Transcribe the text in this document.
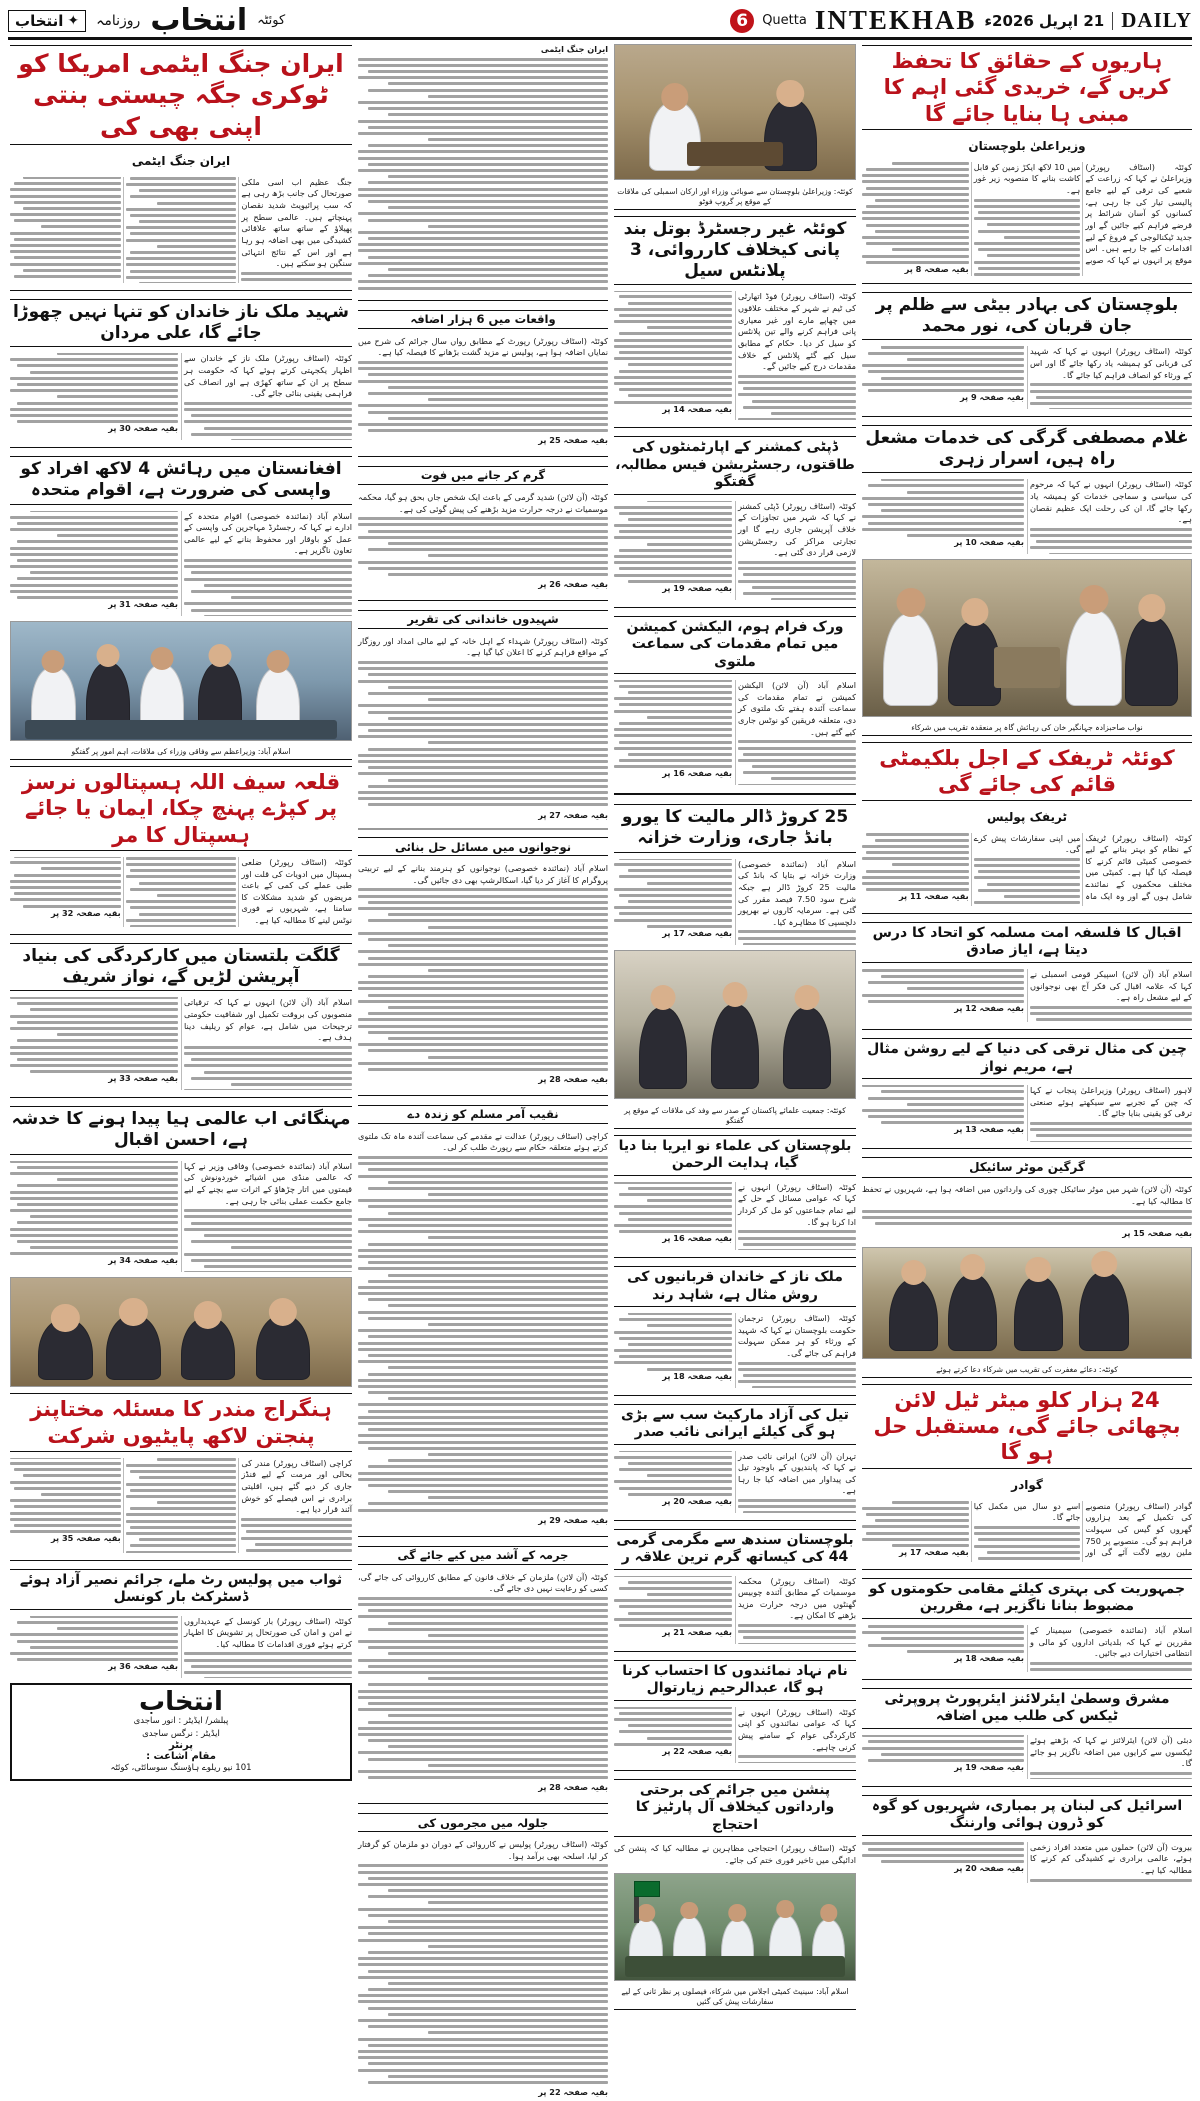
DAILY
21 اپریل 2026ء
INTEKHAB
Quetta
6
کوئٹہ
انتخاب
روزنامہ
✦
انتخاب
ہاریوں کے حقائق کا تحفظ کریں گے، خریدی گئی اہم کا مبنی ہا بنایا جائے گا
وزیراعلیٰ بلوچستان

کوئٹہ (اسٹاف رپورٹر) وزیراعلیٰ نے کہا کہ زراعت کے شعبے کی ترقی کے لیے جامع پالیسی تیار کی جا رہی ہے، کسانوں کو آسان شرائط پر قرضے فراہم کیے جائیں گے اور جدید ٹیکنالوجی کے فروغ کے لیے اقدامات کیے جا رہے ہیں۔ اس موقع پر انہوں نے کہا کہ صوبے میں 10 لاکھ ایکڑ زمین کو قابل کاشت بنانے کا منصوبہ زیر غور ہے۔

بقیہ صفحہ 8 پر

بلوچستان کی بہادر بیٹی سے ظلم پر جان قربان کی، نور محمد

کوئٹہ (اسٹاف رپورٹر) انہوں نے کہا کہ شہید کی قربانی کو ہمیشہ یاد رکھا جائے گا اور اس کے ورثاء کو انصاف فراہم کیا جائے گا۔

بقیہ صفحہ 9 پر

غلام مصطفی گرگی کی خدمات مشعل راہ ہیں، اسرار زہری

کوئٹہ (اسٹاف رپورٹر) انہوں نے کہا کہ مرحوم کی سیاسی و سماجی خدمات کو ہمیشہ یاد رکھا جائے گا، ان کی رحلت ایک عظیم نقصان ہے۔

بقیہ صفحہ 10 پر

نواب صاحبزادہ جہانگیر خان کی رہائش گاہ پر منعقدہ تقریب میں شرکاء
کوئٹہ ٹریفک کے اجل بلکیمٹی قائم کی جائے گی
ٹریفک پولیس

کوئٹہ (اسٹاف رپورٹر) ٹریفک کے نظام کو بہتر بنانے کے لیے خصوصی کمیٹی قائم کرنے کا فیصلہ کیا گیا ہے۔ کمیٹی میں مختلف محکموں کے نمائندے شامل ہوں گے اور وہ ایک ماہ میں اپنی سفارشات پیش کرے گی۔

بقیہ صفحہ 11 پر

اقبال کا فلسفہ امت مسلمہ کو اتحاد کا درس دیتا ہے، ایاز صادق

اسلام آباد (آن لائن) اسپیکر قومی اسمبلی نے کہا کہ علامہ اقبال کی فکر آج بھی نوجوانوں کے لیے مشعل راہ ہے۔

بقیہ صفحہ 12 پر

چین کی مثال ترقی کی دنیا کے لیے روشن مثال ہے، مریم نواز

لاہور (اسٹاف رپورٹر) وزیراعلیٰ پنجاب نے کہا کہ چین کے تجربے سے سیکھتے ہوئے صنعتی ترقی کو یقینی بنایا جائے گا۔

بقیہ صفحہ 13 پر

گرگین موٹر سائیکل

کوئٹہ (آن لائن) شہر میں موٹر سائیکل چوری کی وارداتوں میں اضافہ ہوا ہے، شہریوں نے تحفظ کا مطالبہ کیا ہے۔

بقیہ صفحہ 15 پر

کوئٹہ: دعائے مغفرت کی تقریب میں شرکاء دعا کرتے ہوئے
24 ہزار کلو میٹر ٹیل لائن بچھائی جائے گی، مستقبل حل ہو گا
گوادر

گوادر (اسٹاف رپورٹر) منصوبے کی تکمیل کے بعد ہزاروں گھروں کو گیس کی سہولت فراہم ہو گی۔ منصوبے پر 750 ملین روپے لاگت آئے گی اور اسے دو سال میں مکمل کیا جائے گا۔

بقیہ صفحہ 17 پر

جمہوریت کی بہتری کیلئے مقامی حکومتوں کو مضبوط بنانا ناگزیر ہے، مقررین

اسلام آباد (نمائندہ خصوصی) سیمینار کے مقررین نے کہا کہ بلدیاتی اداروں کو مالی و انتظامی اختیارات دیے جائیں۔

بقیہ صفحہ 18 پر

مشرق وسطیٰ ایئرلائنز ایئرپورٹ پروپرٹی ٹیکس کی طلب میں اضافہ

دبئی (آن لائن) ایئرلائنز نے کہا کہ بڑھتے ہوئے ٹیکسوں سے کرایوں میں اضافہ ناگزیر ہو جائے گا۔

بقیہ صفحہ 19 پر

اسرائیل کی لبنان پر بمباری، شہریوں کو گوہ کو ڈرون ہوائی وارننگ

بیروت (آن لائن) حملوں میں متعدد افراد زخمی ہوئے، عالمی برادری نے کشیدگی کم کرنے کا مطالبہ کیا ہے۔

بقیہ صفحہ 20 پر

کوئٹہ: وزیراعلیٰ بلوچستان سے صوبائی وزراء اور ارکان اسمبلی کی ملاقات کے موقع پر گروپ فوٹو
کوئٹہ غیر رجسٹرڈ بوتل بند پانی کیخلاف کارروائی، 3 پلانٹس سیل

کوئٹہ (اسٹاف رپورٹر) فوڈ اتھارٹی کی ٹیم نے شہر کے مختلف علاقوں میں چھاپے مارے اور غیر معیاری پانی فراہم کرنے والے تین پلانٹس کو سیل کر دیا۔ حکام کے مطابق سیل کیے گئے پلانٹس کے خلاف مقدمات درج کیے جائیں گے۔

بقیہ صفحہ 14 پر

ڈپٹی کمشنر کے اپارٹمنٹوں کی طاقتوں، رجسٹریشن فیس مطالبہ، گفتگو

کوئٹہ (اسٹاف رپورٹر) ڈپٹی کمشنر نے کہا کہ شہر میں تجاوزات کے خلاف آپریشن جاری رہے گا اور تجارتی مراکز کی رجسٹریشن لازمی قرار دی گئی ہے۔

بقیہ صفحہ 19 پر

ورک فرام ہوم، الیکشن کمیشن میں تمام مقدمات کی سماعت ملتوی

اسلام آباد (آن لائن) الیکشن کمیشن نے تمام مقدمات کی سماعت آئندہ ہفتے تک ملتوی کر دی، متعلقہ فریقین کو نوٹس جاری کیے گئے ہیں۔

بقیہ صفحہ 16 پر

25 کروڑ ڈالر مالیت کا یورو بانڈ جاری، وزارت خزانہ

اسلام آباد (نمائندہ خصوصی) وزارت خزانہ نے بتایا کہ بانڈ کی مالیت 25 کروڑ ڈالر ہے جبکہ شرح سود 7.50 فیصد مقرر کی گئی ہے۔ سرمایہ کاروں نے بھرپور دلچسپی کا مظاہرہ کیا۔

بقیہ صفحہ 17 پر

کوئٹہ: جمعیت علمائے پاکستان کے صدر سے وفد کی ملاقات کے موقع پر گفتگو
بلوچستان کی علماء نو ایریا بنا دیا گیا، ہدایت الرحمن

کوئٹہ (اسٹاف رپورٹر) انہوں نے کہا کہ عوامی مسائل کے حل کے لیے تمام جماعتوں کو مل کر کردار ادا کرنا ہو گا۔

بقیہ صفحہ 16 پر

ملک ناز کے خاندان قربانیوں کی روش مثال ہے، شاہد رند

کوئٹہ (اسٹاف رپورٹر) ترجمان حکومت بلوچستان نے کہا کہ شہید کے ورثاء کو ہر ممکن سہولت فراہم کی جائے گی۔

بقیہ صفحہ 18 پر

تیل کی آزاد مارکیٹ سب سے بڑی ہو گی کیلئے ایرانی نائب صدر

تہران (آن لائن) ایرانی نائب صدر نے کہا کہ پابندیوں کے باوجود تیل کی پیداوار میں اضافہ کیا جا رہا ہے۔

بقیہ صفحہ 20 پر

بلوچستان سندھ سے مگرمی گرمی 44 کی کیساتھ گرم ترین علاقہ ر

کوئٹہ (اسٹاف رپورٹر) محکمہ موسمیات کے مطابق آئندہ چوبیس گھنٹوں میں درجہ حرارت مزید بڑھنے کا امکان ہے۔

بقیہ صفحہ 21 پر

نام نہاد نمائندوں کا احتساب کرنا ہو گا، عبدالرحیم زیارتوال

کوئٹہ (اسٹاف رپورٹر) انہوں نے کہا کہ عوامی نمائندوں کو اپنی کارکردگی عوام کے سامنے پیش کرنی چاہیے۔

بقیہ صفحہ 22 پر

پنشن میں جرائم کی برحتی وارداتوں کیخلاف آل پارٹیز کا احتجاج

کوئٹہ (اسٹاف رپورٹر) احتجاجی مظاہرین نے مطالبہ کیا کہ پنشن کی ادائیگی میں تاخیر فوری ختم کی جائے۔

اسلام آباد: سینیٹ کمیٹی اجلاس میں شرکاء، فیصلوں پر نظر ثانی کے لیے سفارشات پیش کی گئیں

ایران جنگ ایٹمی

واقعات میں 6 ہزار اضافہ

کوئٹہ (اسٹاف رپورٹر) رپورٹ کے مطابق رواں سال جرائم کی شرح میں نمایاں اضافہ ہوا ہے، پولیس نے مزید گشت بڑھانے کا فیصلہ کیا ہے۔

بقیہ صفحہ 25 پر

گرم کر جانے میں فوت

کوئٹہ (آن لائن) شدید گرمی کے باعث ایک شخص جاں بحق ہو گیا، محکمہ موسمیات نے درجہ حرارت مزید بڑھنے کی پیش گوئی کی ہے۔

بقیہ صفحہ 26 پر

شہیدوں خاندانی کی تقریر

کوئٹہ (اسٹاف رپورٹر) شہداء کے اہل خانہ کے لیے مالی امداد اور روزگار کے مواقع فراہم کرنے کا اعلان کیا گیا ہے۔

بقیہ صفحہ 27 پر

نوجوانوں میں مسائل حل بنائی

اسلام آباد (نمائندہ خصوصی) نوجوانوں کو ہنرمند بنانے کے لیے تربیتی پروگرام کا آغاز کر دیا گیا، اسکالرشپ بھی دی جائیں گی۔

بقیہ صفحہ 28 پر

نقیب آمر مسلم کو زندہ دے

کراچی (اسٹاف رپورٹر) عدالت نے مقدمے کی سماعت آئندہ ماہ تک ملتوی کرتے ہوئے متعلقہ حکام سے رپورٹ طلب کر لی۔

بقیہ صفحہ 29 پر

جرمہ کے آشد میں کیے جائے گی

کوئٹہ (آن لائن) ملزمان کے خلاف قانون کے مطابق کارروائی کی جائے گی، کسی کو رعایت نہیں دی جائے گی۔

بقیہ صفحہ 28 پر

جلولہ میں مجرموں کی

کوئٹہ (اسٹاف رپورٹر) پولیس نے کارروائی کے دوران دو ملزمان کو گرفتار کر لیا، اسلحہ بھی برآمد ہوا۔

بقیہ صفحہ 22 پر

ایران جنگ ایٹمی امریکا کو ٹوکری جگہ چیستی بنتی اپنی بھی کی
ایران جنگ ایٹمی

جنگ عظیم اب اسی ملکی صورتحال کی جانب بڑھ رہی ہے کہ سب پرائیویٹ شدید نقصان پہنچاتے ہیں۔ عالمی سطح پر پھیلاؤ کے ساتھ ساتھ علاقائی کشیدگی میں بھی اضافہ ہو رہا ہے اور اس کے نتائج انتہائی سنگین ہو سکتے ہیں۔

شہید ملک ناز خاندان کو تنہا نہیں چھوڑا جائے گا، علی مردان

کوئٹہ (اسٹاف رپورٹر) ملک ناز کے خاندان سے اظہار یکجہتی کرتے ہوئے کہا کہ حکومت ہر سطح پر ان کے ساتھ کھڑی ہے اور انصاف کی فراہمی یقینی بنائی جائے گی۔

بقیہ صفحہ 30 پر

افغانستان میں رہائش 4 لاکھ افراد کو واپسی کی ضرورت ہے، اقوام متحدہ

اسلام آباد (نمائندہ خصوصی) اقوام متحدہ کے ادارے نے کہا کہ رجسٹرڈ مہاجرین کی واپسی کے عمل کو باوقار اور محفوظ بنانے کے لیے عالمی تعاون ناگزیر ہے۔

بقیہ صفحہ 31 پر

اسلام آباد: وزیراعظم سے وفاقی وزراء کی ملاقات، اہم امور پر گفتگو
قلعہ سیف اللہ ہسپتالوں نرسز پر کپڑے پہنچ چکا، ایمان یا جائے ہسپتال کا مر

کوئٹہ (اسٹاف رپورٹر) ضلعی ہسپتال میں ادویات کی قلت اور طبی عملے کی کمی کے باعث مریضوں کو شدید مشکلات کا سامنا ہے، شہریوں نے فوری نوٹس لینے کا مطالبہ کیا ہے۔

بقیہ صفحہ 32 پر

گلگت بلتستان میں کارکردگی کی بنیاد آپریشن لڑیں گے، نواز شریف

اسلام آباد (آن لائن) انہوں نے کہا کہ ترقیاتی منصوبوں کی بروقت تکمیل اور شفافیت حکومتی ترجیحات میں شامل ہے، عوام کو ریلیف دینا ہدف ہے۔

بقیہ صفحہ 33 پر

مہنگائی اب عالمی ہیا پیدا ہونے کا خدشہ ہے، احسن اقبال

اسلام آباد (نمائندہ خصوصی) وفاقی وزیر نے کہا کہ عالمی منڈی میں اشیائے خوردونوش کی قیمتوں میں اتار چڑھاؤ کے اثرات سے بچنے کے لیے جامع حکمت عملی بنائی جا رہی ہے۔

بقیہ صفحہ 34 پر

ہنگراج مندر کا مسئلہ مختاپنز پنجتن لاکھ پایٹیوں شرکت

کراچی (اسٹاف رپورٹر) مندر کی بحالی اور مرمت کے لیے فنڈز جاری کر دیے گئے ہیں، اقلیتی برادری نے اس فیصلے کو خوش آئند قرار دیا ہے۔

بقیہ صفحہ 35 پر

ثواب میں پولیس رٹ ملے، جرائم نصیر آزاد ہوئے ڈسٹرکٹ بار کونسل

کوئٹہ (اسٹاف رپورٹر) بار کونسل کے عہدیداروں نے امن و امان کی صورتحال پر تشویش کا اظہار کرتے ہوئے فوری اقدامات کا مطالبہ کیا۔

بقیہ صفحہ 36 پر

انتخاب
پبلشر/ ایڈیٹر : انور ساجدی
ایڈیٹر : نرگس ساجدی
پرنٹر
مقام اشاعت :
101 نیو ریلوے ہاؤسنگ سوسائٹی، کوئٹہ
